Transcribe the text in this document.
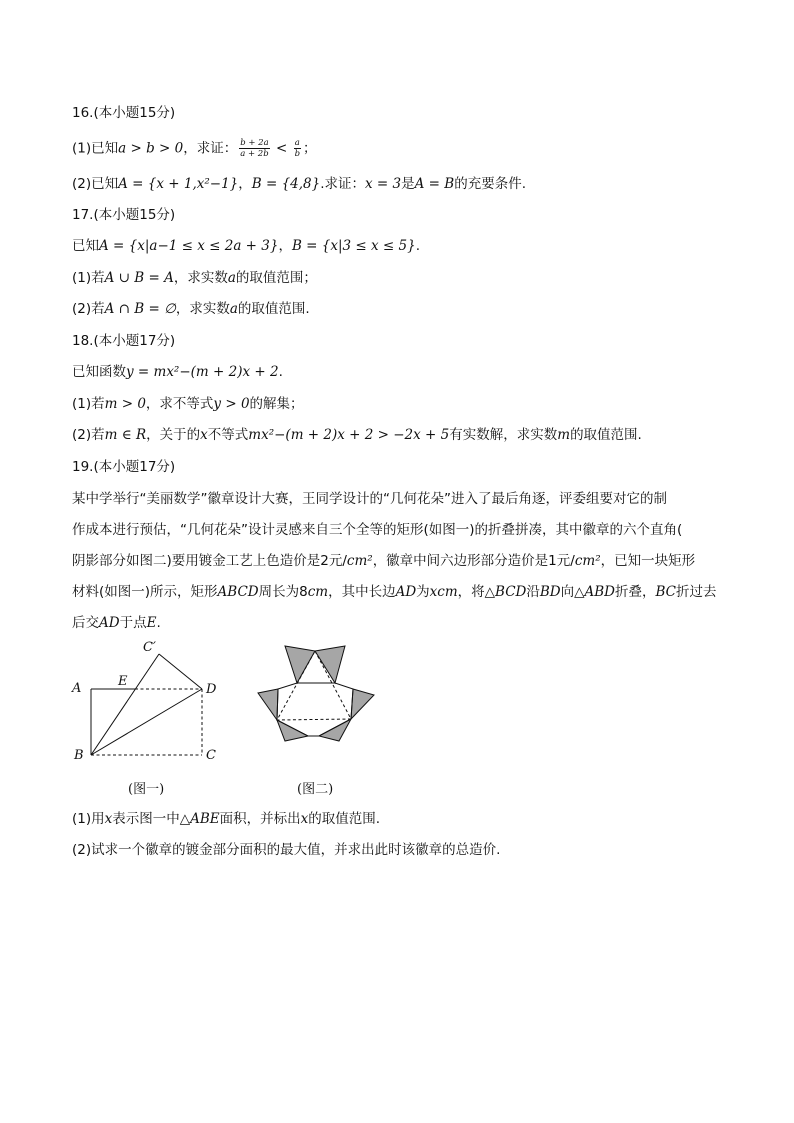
16.(本小题15分)
(1)已知a > b > 0，求证： $\frac{b + 2a}{a + 2b} < \frac{a}{b}$ ；
(2)已知A = {x + 1,x²−1}，B = {4,8}.求证：x = 3是A = B的充要条件.
17.(本小题15分)
已知A = {x|a−1 ≤ x ≤ 2a + 3}，B = {x|3 ≤ x ≤ 5}.
(1)若A ∪ B = A，求实数a的取值范围；
(2)若A ∩ B = ∅，求实数a的取值范围.
18.(本小题17分)
已知函数y = mx²−(m + 2)x + 2.
(1)若m > 0，求不等式y > 0的解集；
(2)若m ∈ R，关于的x不等式mx²−(m + 2)x + 2 > −2x + 5有实数解，求实数m的取值范围.
19.(本小题17分)
某中学举行“美丽数学”徽章设计大赛，王同学设计的“几何花朵”进入了最后角逐，评委组要对它的制
作成本进行预估，“几何花朵”设计灵感来自三个全等的矩形(如图一)的折叠拼凑，其中徽章的六个直角(
阴影部分如图二)要用镀金工艺上色造价是2元/cm²，徽章中间六边形部分造价是1元/cm²，已知一块矩形
材料(如图一)所示，矩形ABCD周长为8cm，其中长边AD为xcm，将△BCD沿BD向△ABD折叠，BC折过去
后交AD于点E.
A	E
D
B	C
C′
(图一)	(图二)
(1)用x表示图一中△ABE面积，并标出x的取值范围.
(2)试求一个徽章的镀金部分面积的最大值，并求出此时该徽章的总造价.
